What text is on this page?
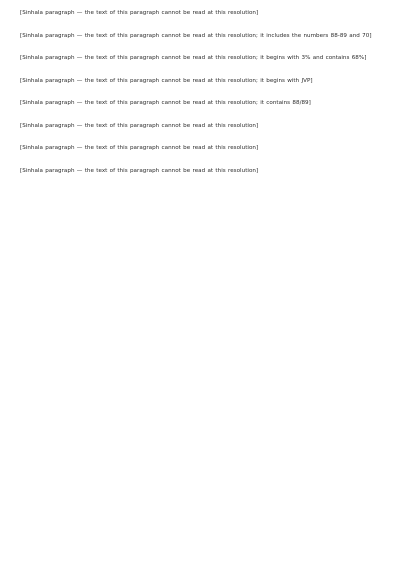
[Sinhala paragraph — the text of this paragraph cannot be read at this resolution]

[Sinhala paragraph — the text of this paragraph cannot be read at this resolution; it includes the numbers 88-89 and 70]

[Sinhala paragraph — the text of this paragraph cannot be read at this resolution; it begins with 3% and contains 68%]

[Sinhala paragraph — the text of this paragraph cannot be read at this resolution; it begins with JVP]

[Sinhala paragraph — the text of this paragraph cannot be read at this resolution; it contains 88/89]

[Sinhala paragraph — the text of this paragraph cannot be read at this resolution]

[Sinhala paragraph — the text of this paragraph cannot be read at this resolution]

[Sinhala paragraph — the text of this paragraph cannot be read at this resolution]
